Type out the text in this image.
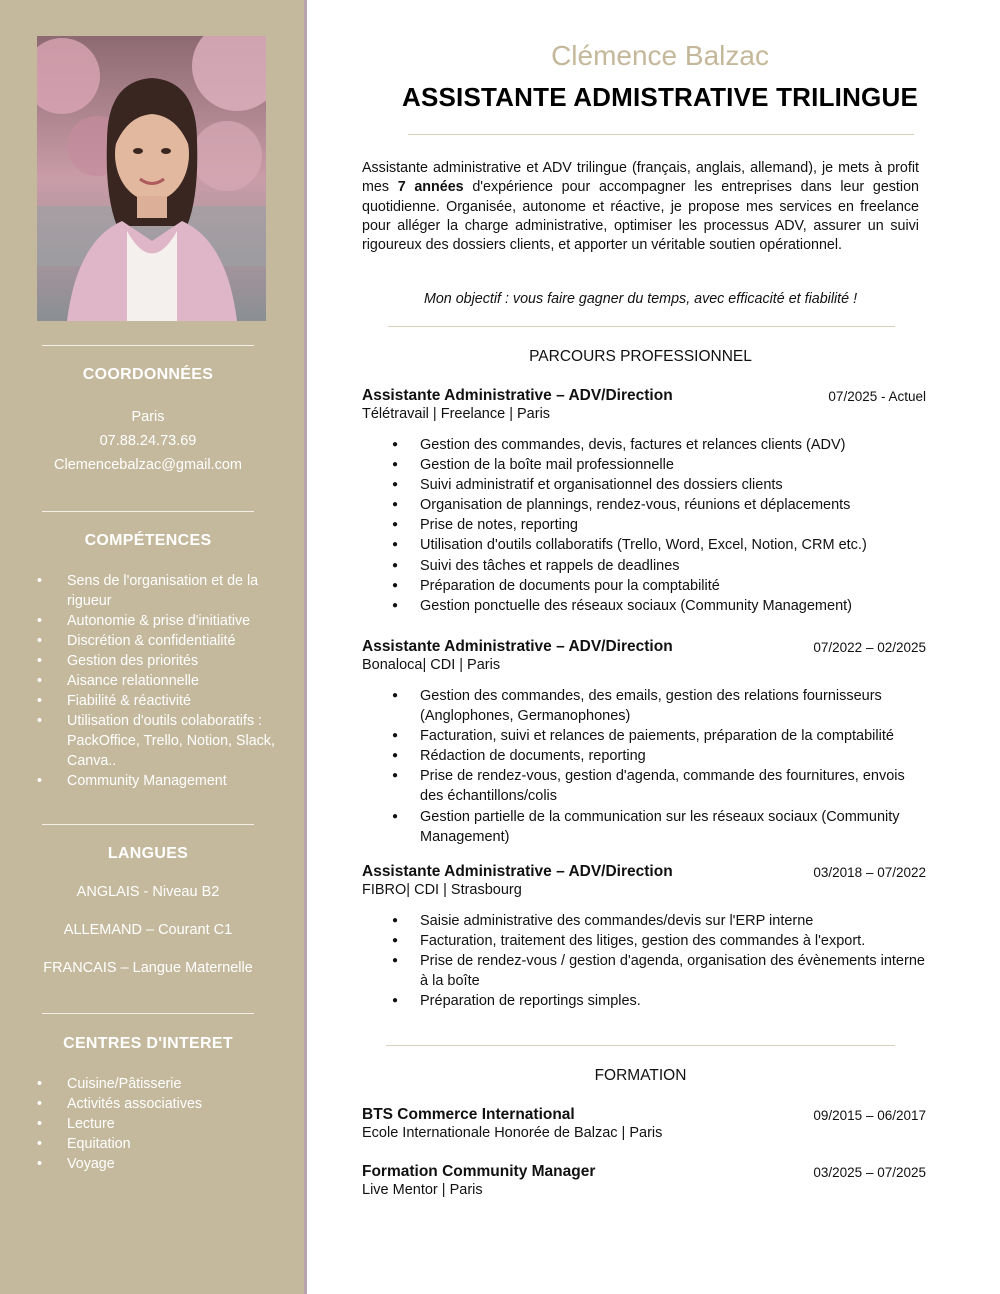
COORDONNÉES
Paris
07.88.24.73.69
Clemencebalzac@gmail.com
COMPÉTENCES
• Sens de l'organisation et de la rigueur
• Autonomie & prise d'initiative
• Discrétion & confidentialité
• Gestion des priorités
• Aisance relationnelle
• Fiabilité & réactivité
• Utilisation d'outils colaboratifs : PackOffice, Trello, Notion, Slack, Canva..
• Community Management
LANGUES
ANGLAIS - Niveau B2
ALLEMAND – Courant C1
FRANCAIS – Langue Maternelle
CENTRES D'INTERET
• Cuisine/Pâtisserie
• Activités associatives
• Lecture
• Equitation
• Voyage
Clémence Balzac
ASSISTANTE ADMISTRATIVE TRILINGUE
Assistante administrative et ADV trilingue (français, anglais, allemand), je mets à profit mes 7 années d'expérience pour accompagner les entreprises dans leur gestion quotidienne. Organisée, autonome et réactive, je propose mes services en freelance pour alléger la charge administrative, optimiser les processus ADV, assurer un suivi rigoureux des dossiers clients, et apporter un véritable soutien opérationnel.
Mon objectif : vous faire gagner du temps, avec efficacité et fiabilité !
PARCOURS PROFESSIONNEL
Assistante Administrative – ADV/Direction	07/2025 - Actuel
Télétravail | Freelance | Paris
● Gestion des commandes, devis, factures et relances clients (ADV)
● Gestion de la boîte mail professionnelle
● Suivi administratif et organisationnel des dossiers clients
● Organisation de plannings, rendez-vous, réunions et déplacements
● Prise de notes, reporting
● Utilisation d'outils collaboratifs (Trello, Word, Excel, Notion, CRM etc.)
● Suivi des tâches et rappels de deadlines
● Préparation de documents pour la comptabilité
● Gestion ponctuelle des réseaux sociaux (Community Management)
Assistante Administrative – ADV/Direction	07/2022 – 02/2025
Bonaloca| CDI | Paris
● Gestion des commandes, des emails, gestion des relations fournisseurs (Anglophones, Germanophones)
● Facturation, suivi et relances de paiements, préparation de la comptabilité
● Rédaction de documents, reporting
● Prise de rendez-vous, gestion d'agenda, commande des fournitures, envois des échantillons/colis
● Gestion partielle de la communication sur les réseaux sociaux (Community Management)
Assistante Administrative – ADV/Direction	03/2018 – 07/2022
FIBRO| CDI | Strasbourg
● Saisie administrative des commandes/devis sur l'ERP interne
● Facturation, traitement des litiges, gestion des commandes à l'export.
● Prise de rendez-vous / gestion d'agenda, organisation des évènements interne à la boîte
● Préparation de reportings simples.
FORMATION
BTS Commerce International	09/2015 – 06/2017
Ecole Internationale Honorée de Balzac | Paris
Formation Community Manager	03/2025 – 07/2025
Live Mentor | Paris
